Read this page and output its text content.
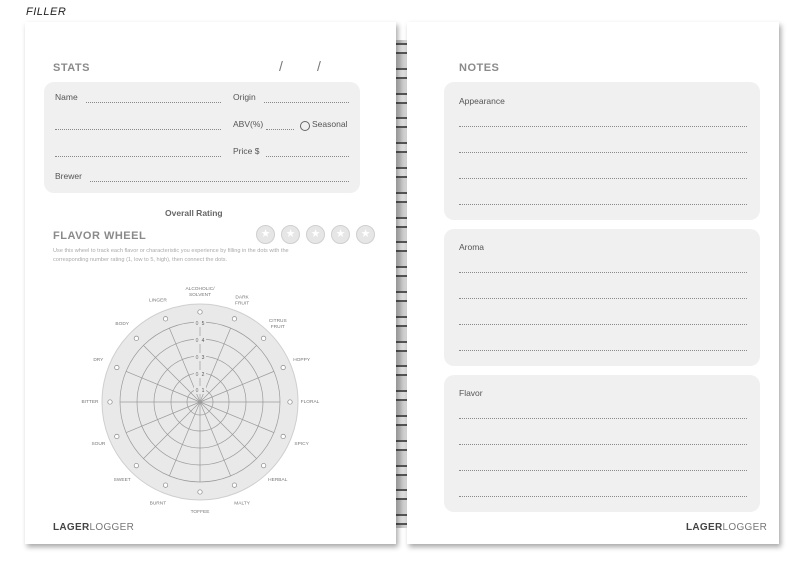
FILLER
STATS	/ /
Name	Origin
ABV(%)	Seasonal
Price $
Brewer
Overall Rating
★	★	★	★	★
FLAVOR WHEEL
Use this wheel to track each flavor or characteristic you experience by filling in the dots with the
corresponding number rating (1, low to 5, high), then connect the dots.
ALCOHOLIC/ SOLVENT	DARK FRUIT
CITRUS FRUIT
HOPPY
FLORAL
SPICY
HERBAL
MALTY
TOFFEE
BURNT
SWEET
SOUR
BITTER
DRY
BODY
LINGER
0 1
0 2
0 3
0 4
0 5
LAGERLOGGER
NOTES
Appearance
Aroma
Flavor
LAGERLOGGER
